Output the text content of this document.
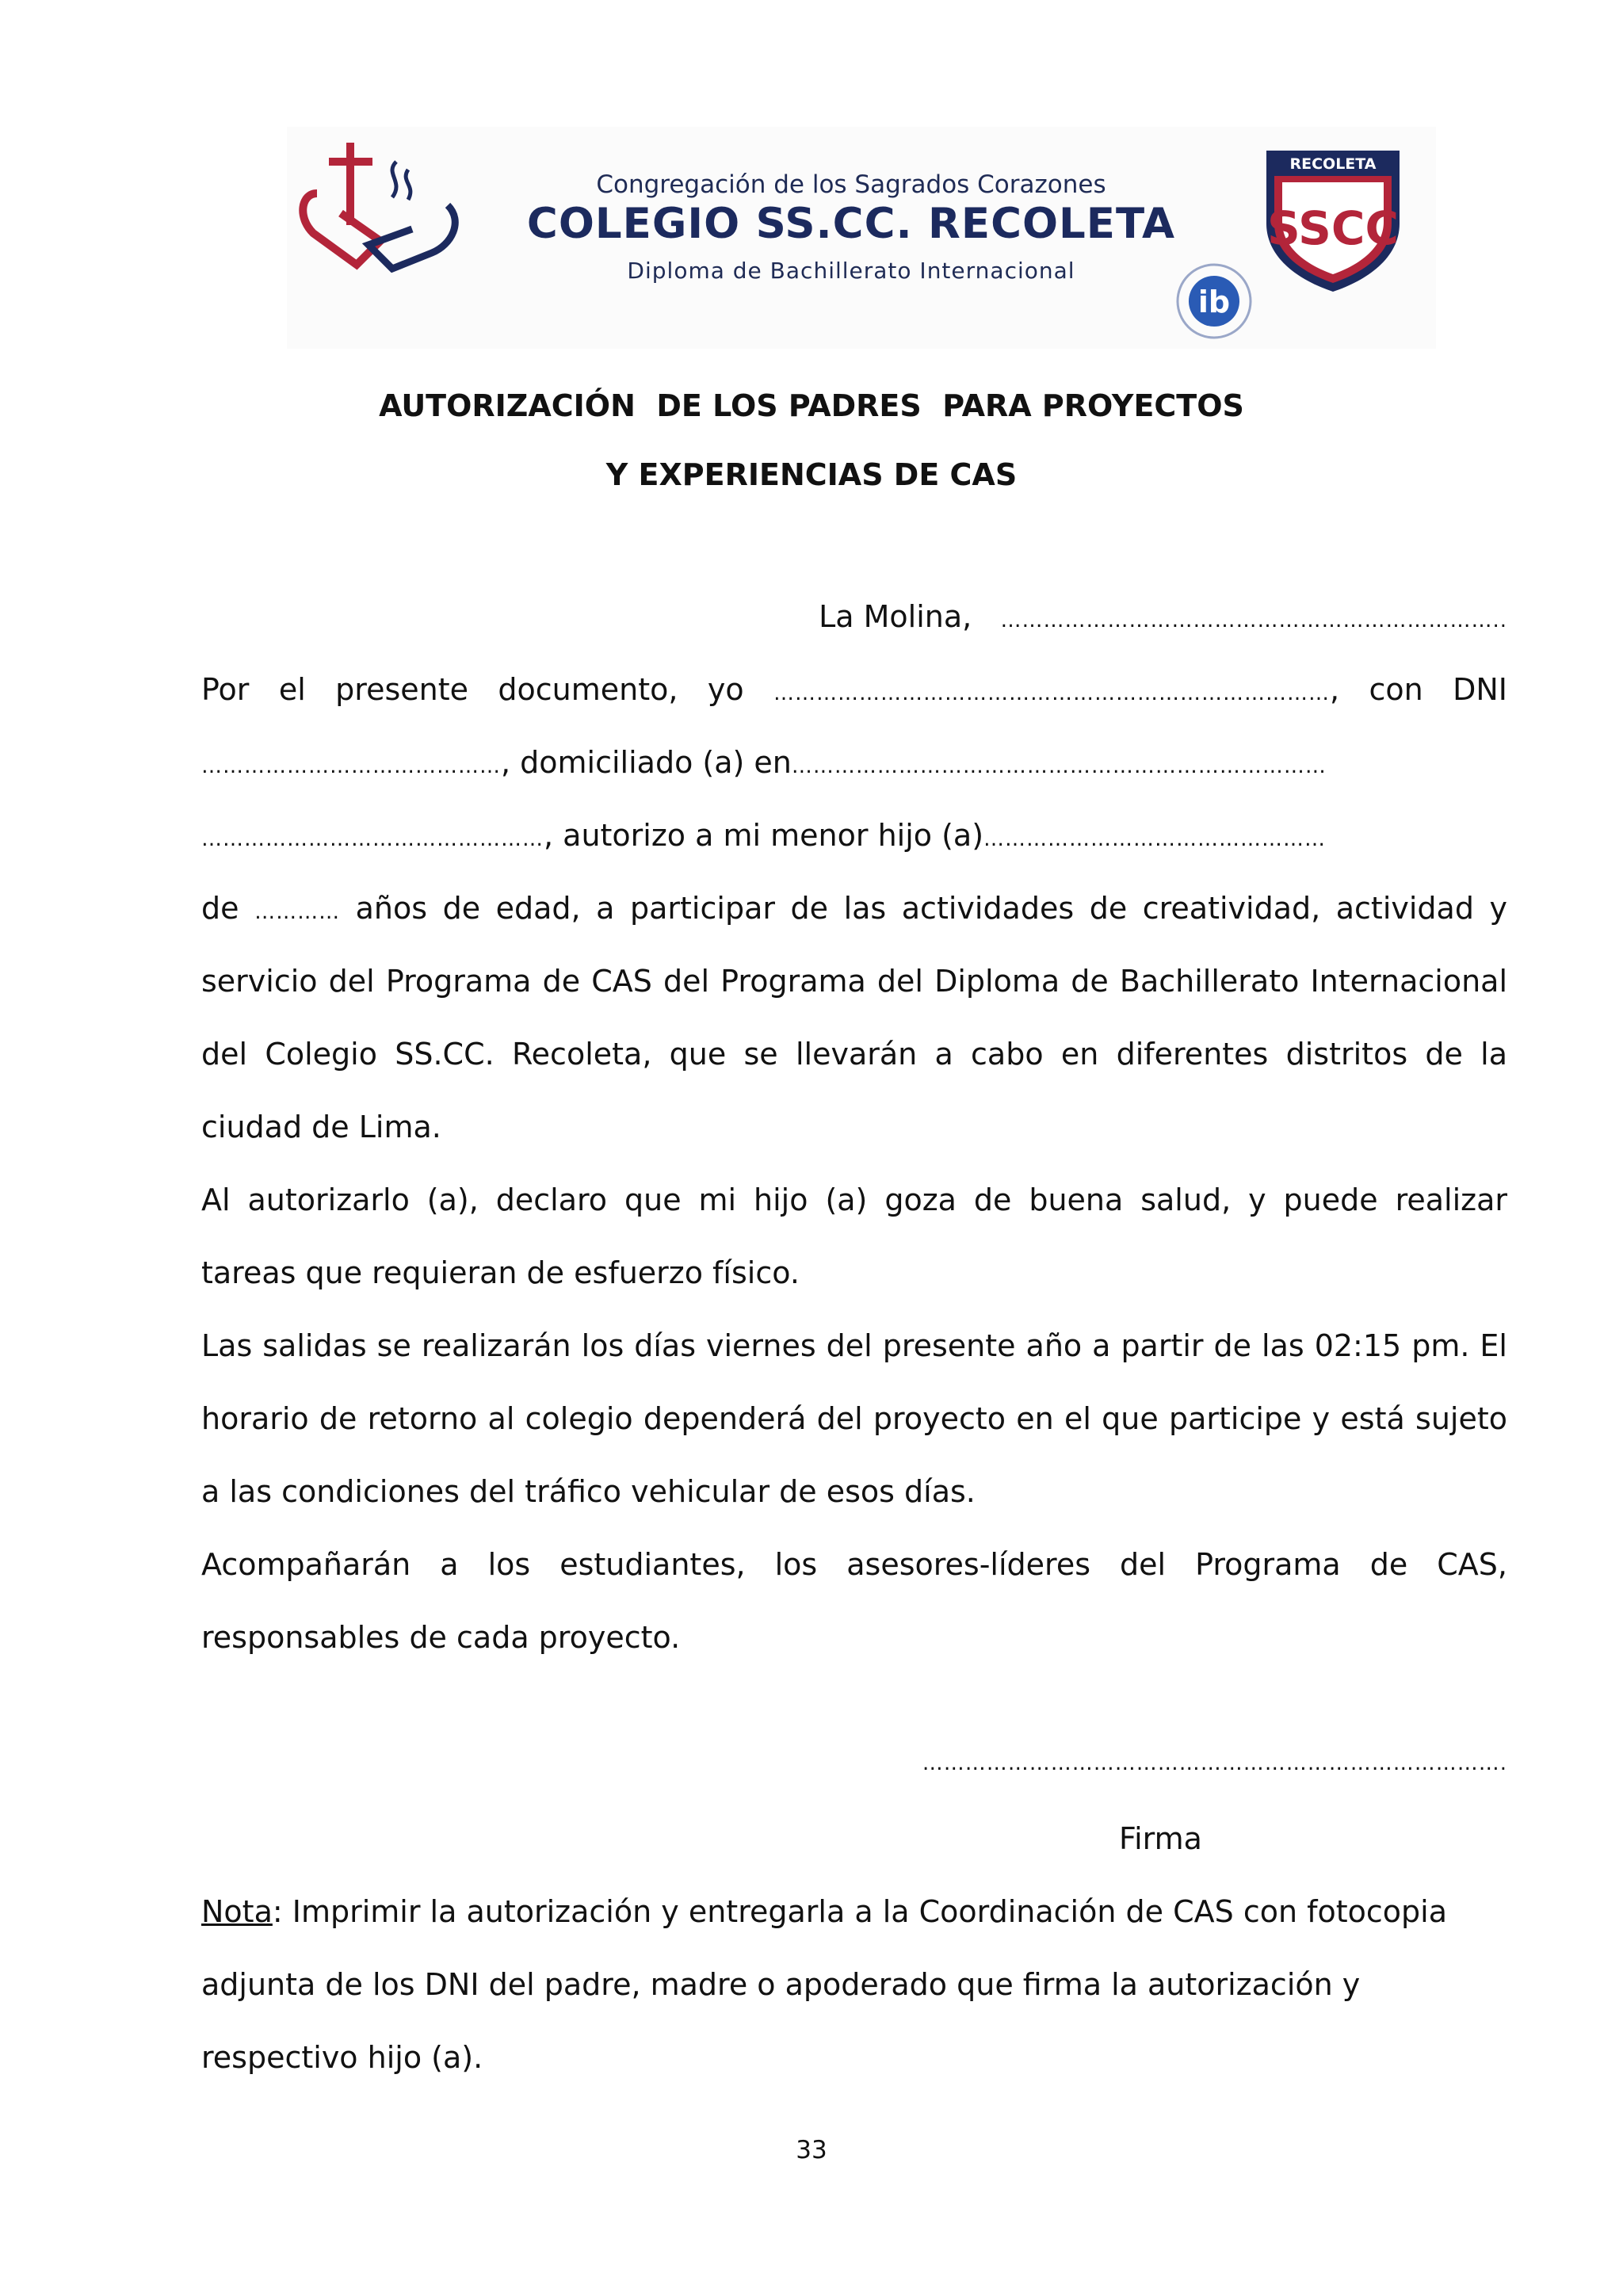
Congregación de los Sagrados Corazones
COLEGIO SS.CC. RECOLETA
Diploma de Bachillerato Internacional
RECOLETA
SSCC
ib
AUTORIZACIÓN  DE LOS PADRES  PARA PROYECTOS
Y EXPERIENCIAS DE CAS
La Molina, ……………………………………………………………..
Por el presente documento, yo ……………………………………………………………………, con DNI
……………………………………, domiciliado (a) en…………………………………………………………………
…………………………………………, autorizo a mi menor hijo (a)…………………………………………
de ………… años de edad, a participar de las actividades de creatividad, actividad y
servicio del Programa de CAS del Programa del Diploma de Bachillerato Internacional
del Colegio SS.CC. Recoleta, que se llevarán a cabo en diferentes distritos de la
ciudad de Lima.
Al autorizarlo (a), declaro que mi hijo (a) goza de buena salud, y puede realizar
tareas que requieran de esfuerzo físico.
Las salidas se realizarán los días viernes del presente año a partir de las 02:15 pm. El
horario de retorno al colegio dependerá del proyecto en el que participe y está sujeto
a las condiciones del tráfico vehicular de esos días.
Acompañarán a los estudiantes, los asesores-líderes del Programa de CAS,
responsables de cada proyecto.
……………………………………………………………………….
Firma
Nota: Imprimir la autorización y entregarla a la Coordinación de CAS con fotocopia
adjunta de los DNI del padre, madre o apoderado que firma la autorización y
respectivo hijo (a).
33
